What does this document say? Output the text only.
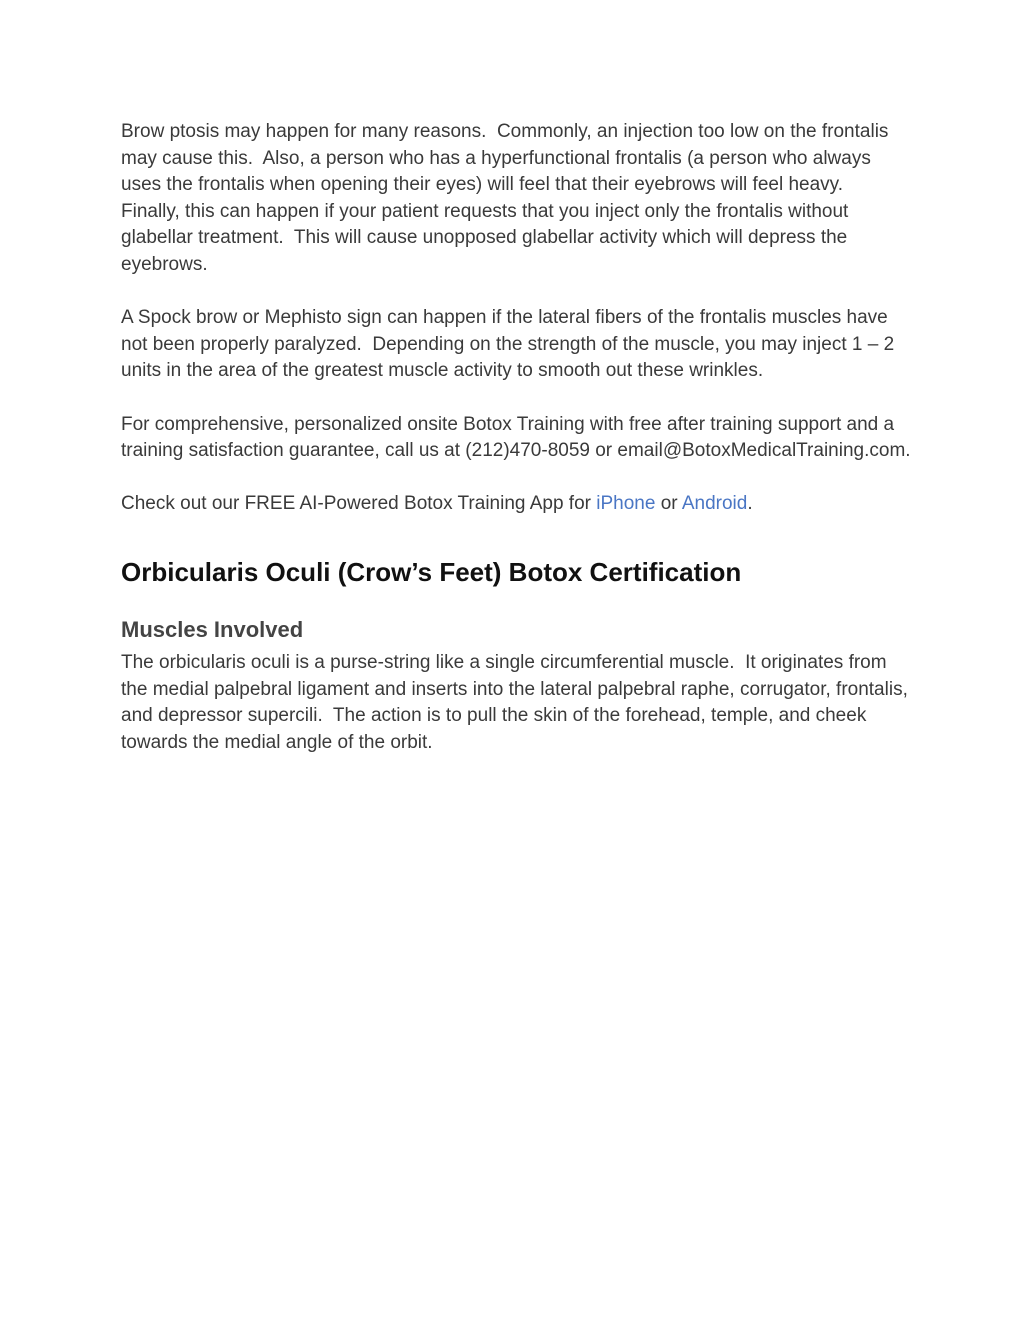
Brow ptosis may happen for many reasons.  Commonly, an injection too low on the frontalis may cause this.  Also, a person who has a hyperfunctional frontalis (a person who always uses the frontalis when opening their eyes) will feel that their eyebrows will feel heavy.  Finally, this can happen if your patient requests that you inject only the frontalis without glabellar treatment.  This will cause unopposed glabellar activity which will depress the eyebrows.

A Spock brow or Mephisto sign can happen if the lateral fibers of the frontalis muscles have not been properly paralyzed.  Depending on the strength of the muscle, you may inject 1 – 2 units in the area of the greatest muscle activity to smooth out these wrinkles.

For comprehensive, personalized onsite Botox Training with free after training support and a training satisfaction guarantee, call us at (212)470-8059 or email@BotoxMedicalTraining.com.

Check out our FREE AI-Powered Botox Training App for iPhone or Android.

Orbicularis Oculi (Crow’s Feet) Botox Certification
Muscles Involved

The orbicularis oculi is a purse-string like a single circumferential muscle.  It originates from the medial palpebral ligament and inserts into the lateral palpebral raphe, corrugator, frontalis, and depressor supercili.  The action is to pull the skin of the forehead, temple, and cheek towards the medial angle of the orbit.
